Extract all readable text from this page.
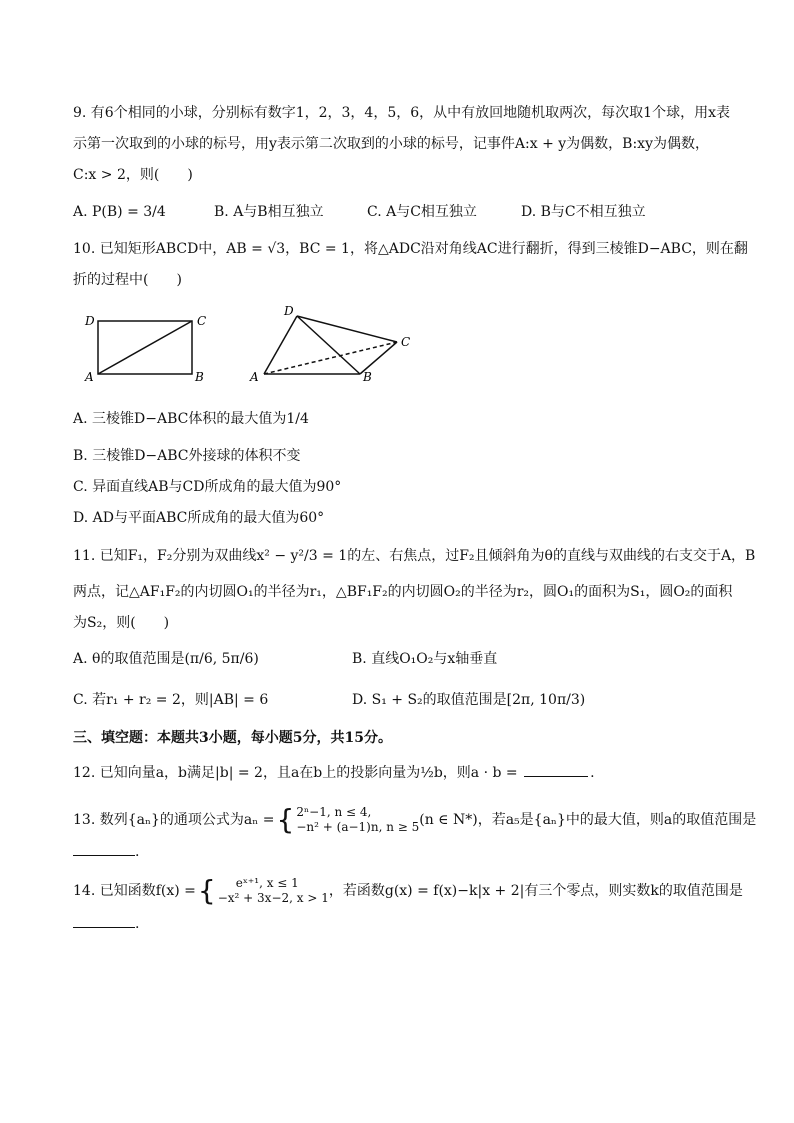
9. 有6个相同的小球，分别标有数字1，2，3，4，5，6，从中有放回地随机取两次，每次取1个球，用x表
示第一次取到的小球的标号，用y表示第二次取到的小球的标号，记事件A:x + y为偶数，B:xy为偶数，
C:x > 2，则(　　)
A. P(B) = 3/4	B. A与B相互独立	C. A与C相互独立	D. B与C不相互独立
10. 已知矩形ABCD中，AB = √3，BC = 1，将△ADC沿对角线AC进行翻折，得到三棱锥D−ABC，则在翻
折的过程中(　　)
D	C
A	B
D
C
A	B
A. 三棱锥D−ABC体积的最大值为1/4
B. 三棱锥D−ABC外接球的体积不变
C. 异面直线AB与CD所成角的最大值为90°
D. AD与平面ABC所成角的最大值为60°
11. 已知F₁，F₂分别为双曲线x² − y²/3 = 1的左、右焦点，过F₂且倾斜角为θ的直线与双曲线的右支交于A，B
两点，记△AF₁F₂的内切圆O₁的半径为r₁，△BF₁F₂的内切圆O₂的半径为r₂，圆O₁的面积为S₁，圆O₂的面积
为S₂，则(　　)
A. θ的取值范围是(π/6, 5π/6)	B. 直线O₁O₂与x轴垂直
C. 若r₁ + r₂ = 2，则|AB| = 6	D. S₁ + S₂的取值范围是[2π, 10π/3)
三、填空题：本题共3小题，每小题5分，共15分。
12. 已知向量a，b满足|b| = 2，且a在b上的投影向量为½b，则a · b =	.
13. 数列{aₙ}的通项公式为aₙ = { 2ⁿ−1, n ≤ 4,
−n² + (a−1)n, n ≥ 5 (n ∈ N*)，若a₅是{aₙ}中的最大值，则a的取值范围是
.
14. 已知函数f(x) = {	eˣ⁺¹, x ≤ 1
−x² + 3x−2, x > 1 ，若函数g(x) = f(x)−k|x + 2|有三个零点，则实数k的取值范围是
.
